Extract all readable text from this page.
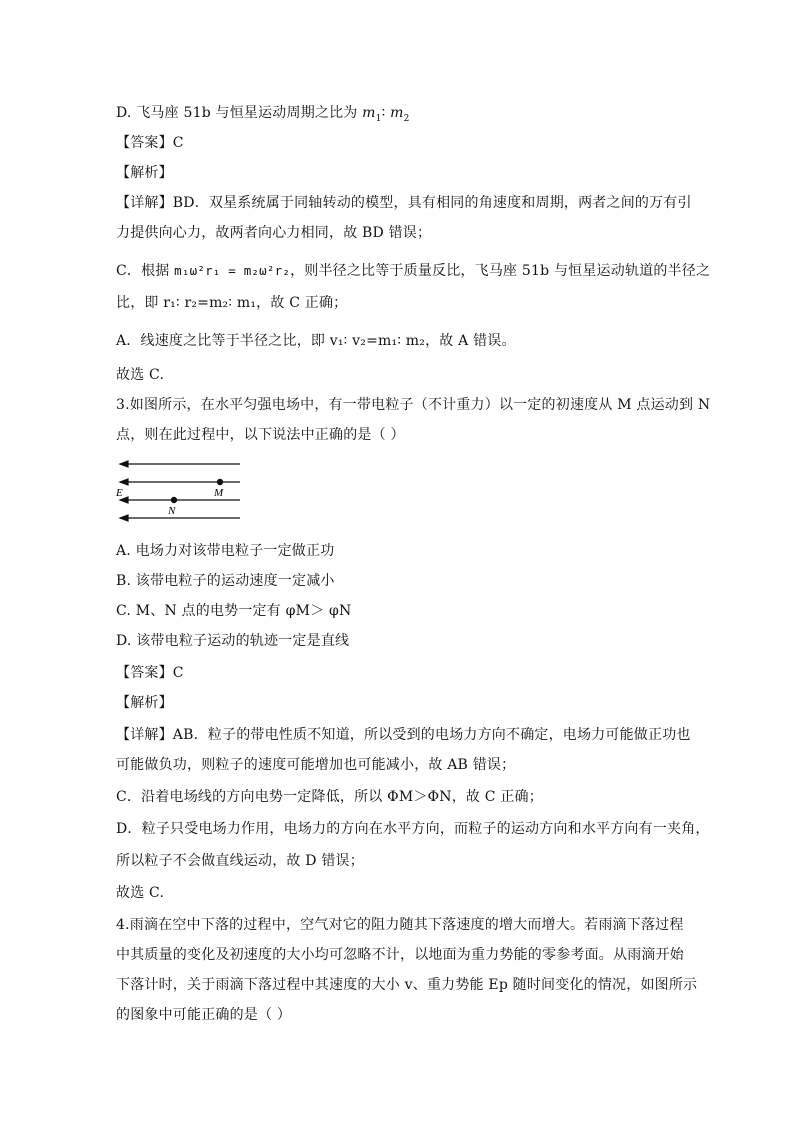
D. 飞马座 51b 与恒星运动周期之比为 $m_1∶$ $m_2$
【答案】C
【解析】
【详解】BD．双星系统属于同轴转动的模型，具有相同的角速度和周期，两者之间的万有引
力提供向心力，故两者向心力相同，故 BD 错误；
C．根据 m₁ω²r₁ = m₂ω²r₂，则半径之比等于质量反比，飞马座 51b 与恒星运动轨道的半径之
比，即 r₁∶ r₂=m₂∶ m₁，故 C 正确；
A．线速度之比等于半径之比，即 v₁∶ v₂=m₁∶ m₂，故 A 错误。
故选 C.
3.如图所示，在水平匀强电场中，有一带电粒子（不计重力）以一定的初速度从 M 点运动到 N
点，则在此过程中，以下说法中正确的是（ ）
E	M
N
A. 电场力对该带电粒子一定做正功
B. 该带电粒子的运动速度一定减小
C. M、N 点的电势一定有 φM＞ φN
D. 该带电粒子运动的轨迹一定是直线
【答案】C
【解析】
【详解】AB．粒子的带电性质不知道，所以受到的电场力方向不确定，电场力可能做正功也
可能做负功，则粒子的速度可能增加也可能减小，故 AB 错误；
C．沿着电场线的方向电势一定降低，所以 ΦM＞ΦN，故 C 正确；
D．粒子只受电场力作用，电场力的方向在水平方向，而粒子的运动方向和水平方向有一夹角，
所以粒子不会做直线运动，故 D 错误；
故选 C.
4.雨滴在空中下落的过程中，空气对它的阻力随其下落速度的增大而增大。若雨滴下落过程
中其质量的变化及初速度的大小均可忽略不计，以地面为重力势能的零参考面。从雨滴开始
下落计时，关于雨滴下落过程中其速度的大小 v、重力势能 Ep 随时间变化的情况，如图所示
的图象中可能正确的是（ ）
